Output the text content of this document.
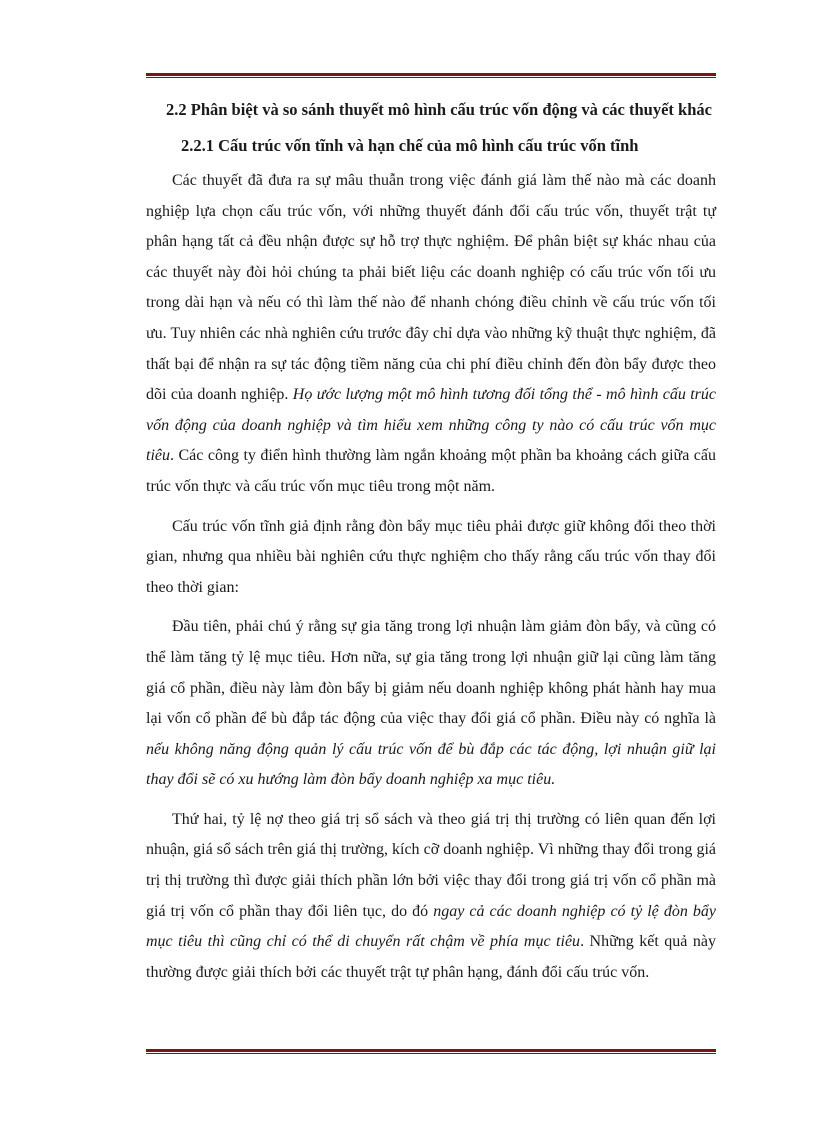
2.2 Phân biệt và so sánh thuyết mô hình cấu trúc vốn động và các thuyết khác
2.2.1 Cấu trúc vốn tĩnh và hạn chế của mô hình cấu trúc vốn tĩnh

Các thuyết đã đưa ra sự mâu thuẫn trong việc đánh giá làm thế nào mà các doanh nghiệp lựa chọn cấu trúc vốn, với những thuyết đánh đổi cấu trúc vốn, thuyết trật tự phân hạng tất cả đều nhận được sự hỗ trợ thực nghiệm. Để phân biệt sự khác nhau của các thuyết này đòi hỏi chúng ta phải biết liệu các doanh nghiệp có cấu trúc vốn tối ưu trong dài hạn và nếu có thì làm thế nào để nhanh chóng điều chỉnh về cấu trúc vốn tối ưu. Tuy nhiên các nhà nghiên cứu trước đây chỉ dựa vào những kỹ thuật thực nghiệm, đã thất bại để nhận ra sự tác động tiềm năng của chi phí điều chỉnh đến đòn bẩy được theo dõi của doanh nghiệp. Họ ước lượng một mô hình tương đối tổng thể - mô hình cấu trúc vốn động của doanh nghiệp và tìm hiểu xem những công ty nào có cấu trúc vốn mục tiêu. Các công ty điển hình thường làm ngắn khoảng một phần ba khoảng cách giữa cấu trúc vốn thực và cấu trúc vốn mục tiêu trong một năm.

Cấu trúc vốn tĩnh giả định rằng đòn bẩy mục tiêu phải được giữ không đổi theo thời gian, nhưng qua nhiều bài nghiên cứu thực nghiệm cho thấy rằng cấu trúc vốn thay đổi theo thời gian:

Đầu tiên, phải chú ý rằng sự gia tăng trong lợi nhuận làm giảm đòn bẩy, và cũng có thể làm tăng tỷ lệ mục tiêu. Hơn nữa, sự gia tăng trong lợi nhuận giữ lại cũng làm tăng giá cổ phần, điều này làm đòn bẩy bị giảm nếu doanh nghiệp không phát hành hay mua lại vốn cổ phần để bù đắp tác động của việc thay đổi giá cổ phần. Điều này có nghĩa là nếu không năng động quản lý cấu trúc vốn để bù đắp các tác động, lợi nhuận giữ lại thay đổi sẽ có xu hướng làm đòn bẩy doanh nghiệp xa mục tiêu.

Thứ hai, tỷ lệ nợ theo giá trị sổ sách và theo giá trị thị trường có liên quan đến lợi nhuận, giá sổ sách trên giá thị trường, kích cỡ doanh nghiệp. Vì những thay đổi trong giá trị thị trường thì được giải thích phần lớn bởi việc thay đổi trong giá trị vốn cổ phần mà giá trị vốn cổ phần thay đổi liên tục, do đó ngay cả các doanh nghiệp có tỷ lệ đòn bẩy mục tiêu thì cũng chỉ có thể di chuyển rất chậm về phía mục tiêu. Những kết quả này thường được giải thích bởi các thuyết trật tự phân hạng, đánh đổi cấu trúc vốn.
